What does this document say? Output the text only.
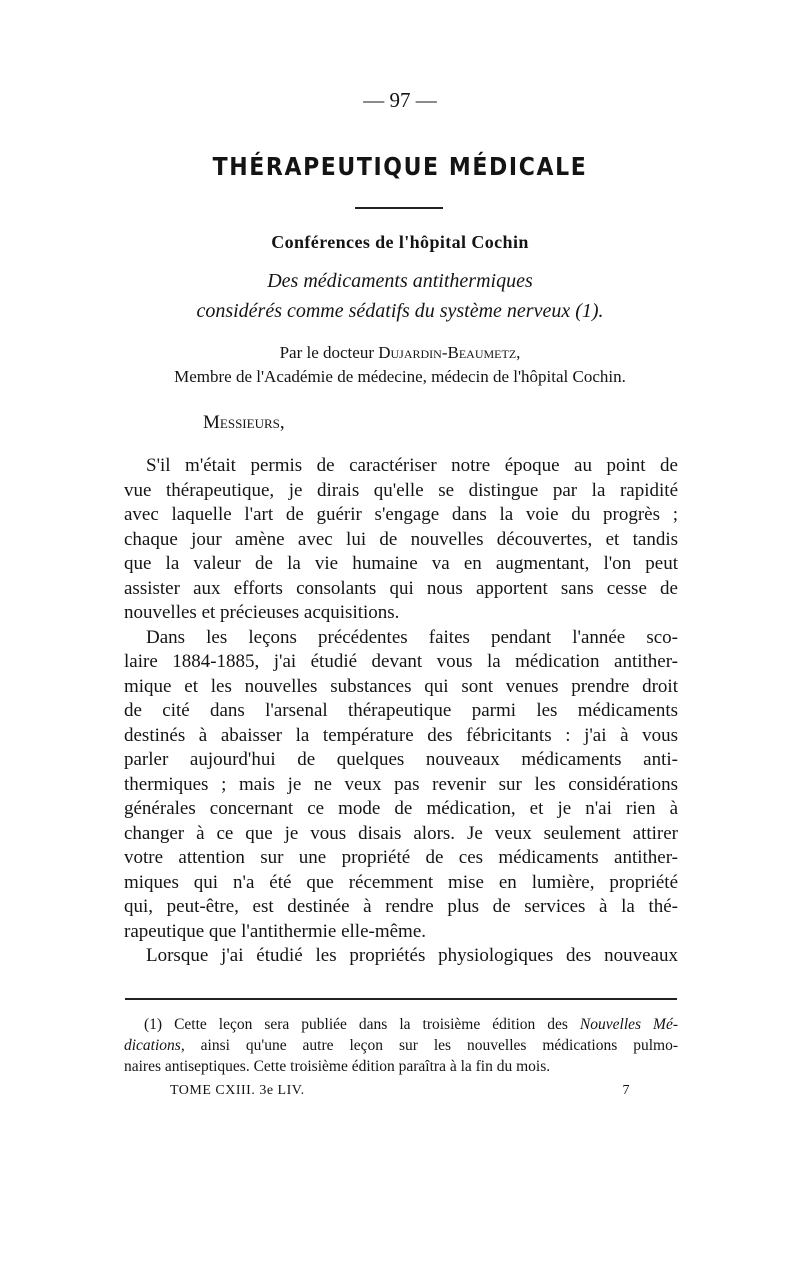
— 97 —
THÉRAPEUTIQUE MÉDICALE
Conférences de l'hôpital Cochin
Des médicaments antithermiques
considérés comme sédatifs du système nerveux (1).
Par le docteur Dujardin-Beaumetz,
Membre de l'Académie de médecine, médecin de l'hôpital Cochin.
Messieurs,
S'il m'était permis de caractériser notre époque au point de
vue thérapeutique, je dirais qu'elle se distingue par la rapidité
avec laquelle l'art de guérir s'engage dans la voie du progrès ;
chaque jour amène avec lui de nouvelles découvertes, et tandis
que la valeur de la vie humaine va en augmentant, l'on peut
assister aux efforts consolants qui nous apportent sans cesse de
nouvelles et précieuses acquisitions.
Dans les leçons précédentes faites pendant l'année sco-
laire 1884-1885, j'ai étudié devant vous la médication antither-
mique et les nouvelles substances qui sont venues prendre droit
de cité dans l'arsenal thérapeutique parmi les médicaments
destinés à abaisser la température des fébricitants : j'ai à vous
parler aujourd'hui de quelques nouveaux médicaments anti-
thermiques ; mais je ne veux pas revenir sur les considérations
générales concernant ce mode de médication, et je n'ai rien à
changer à ce que je vous disais alors. Je veux seulement attirer
votre attention sur une propriété de ces médicaments antither-
miques qui n'a été que récemment mise en lumière, propriété
qui, peut-être, est destinée à rendre plus de services à la thé-
rapeutique que l'antithermie elle-même.
Lorsque j'ai étudié les propriétés physiologiques des nouveaux
(1) Cette leçon sera publiée dans la troisième édition des Nouvelles Mé-
dications, ainsi qu'une autre leçon sur les nouvelles médications pulmo-
naires antiseptiques. Cette troisième édition paraîtra à la fin du mois.
TOME CXIII. 3e LIV.	7
